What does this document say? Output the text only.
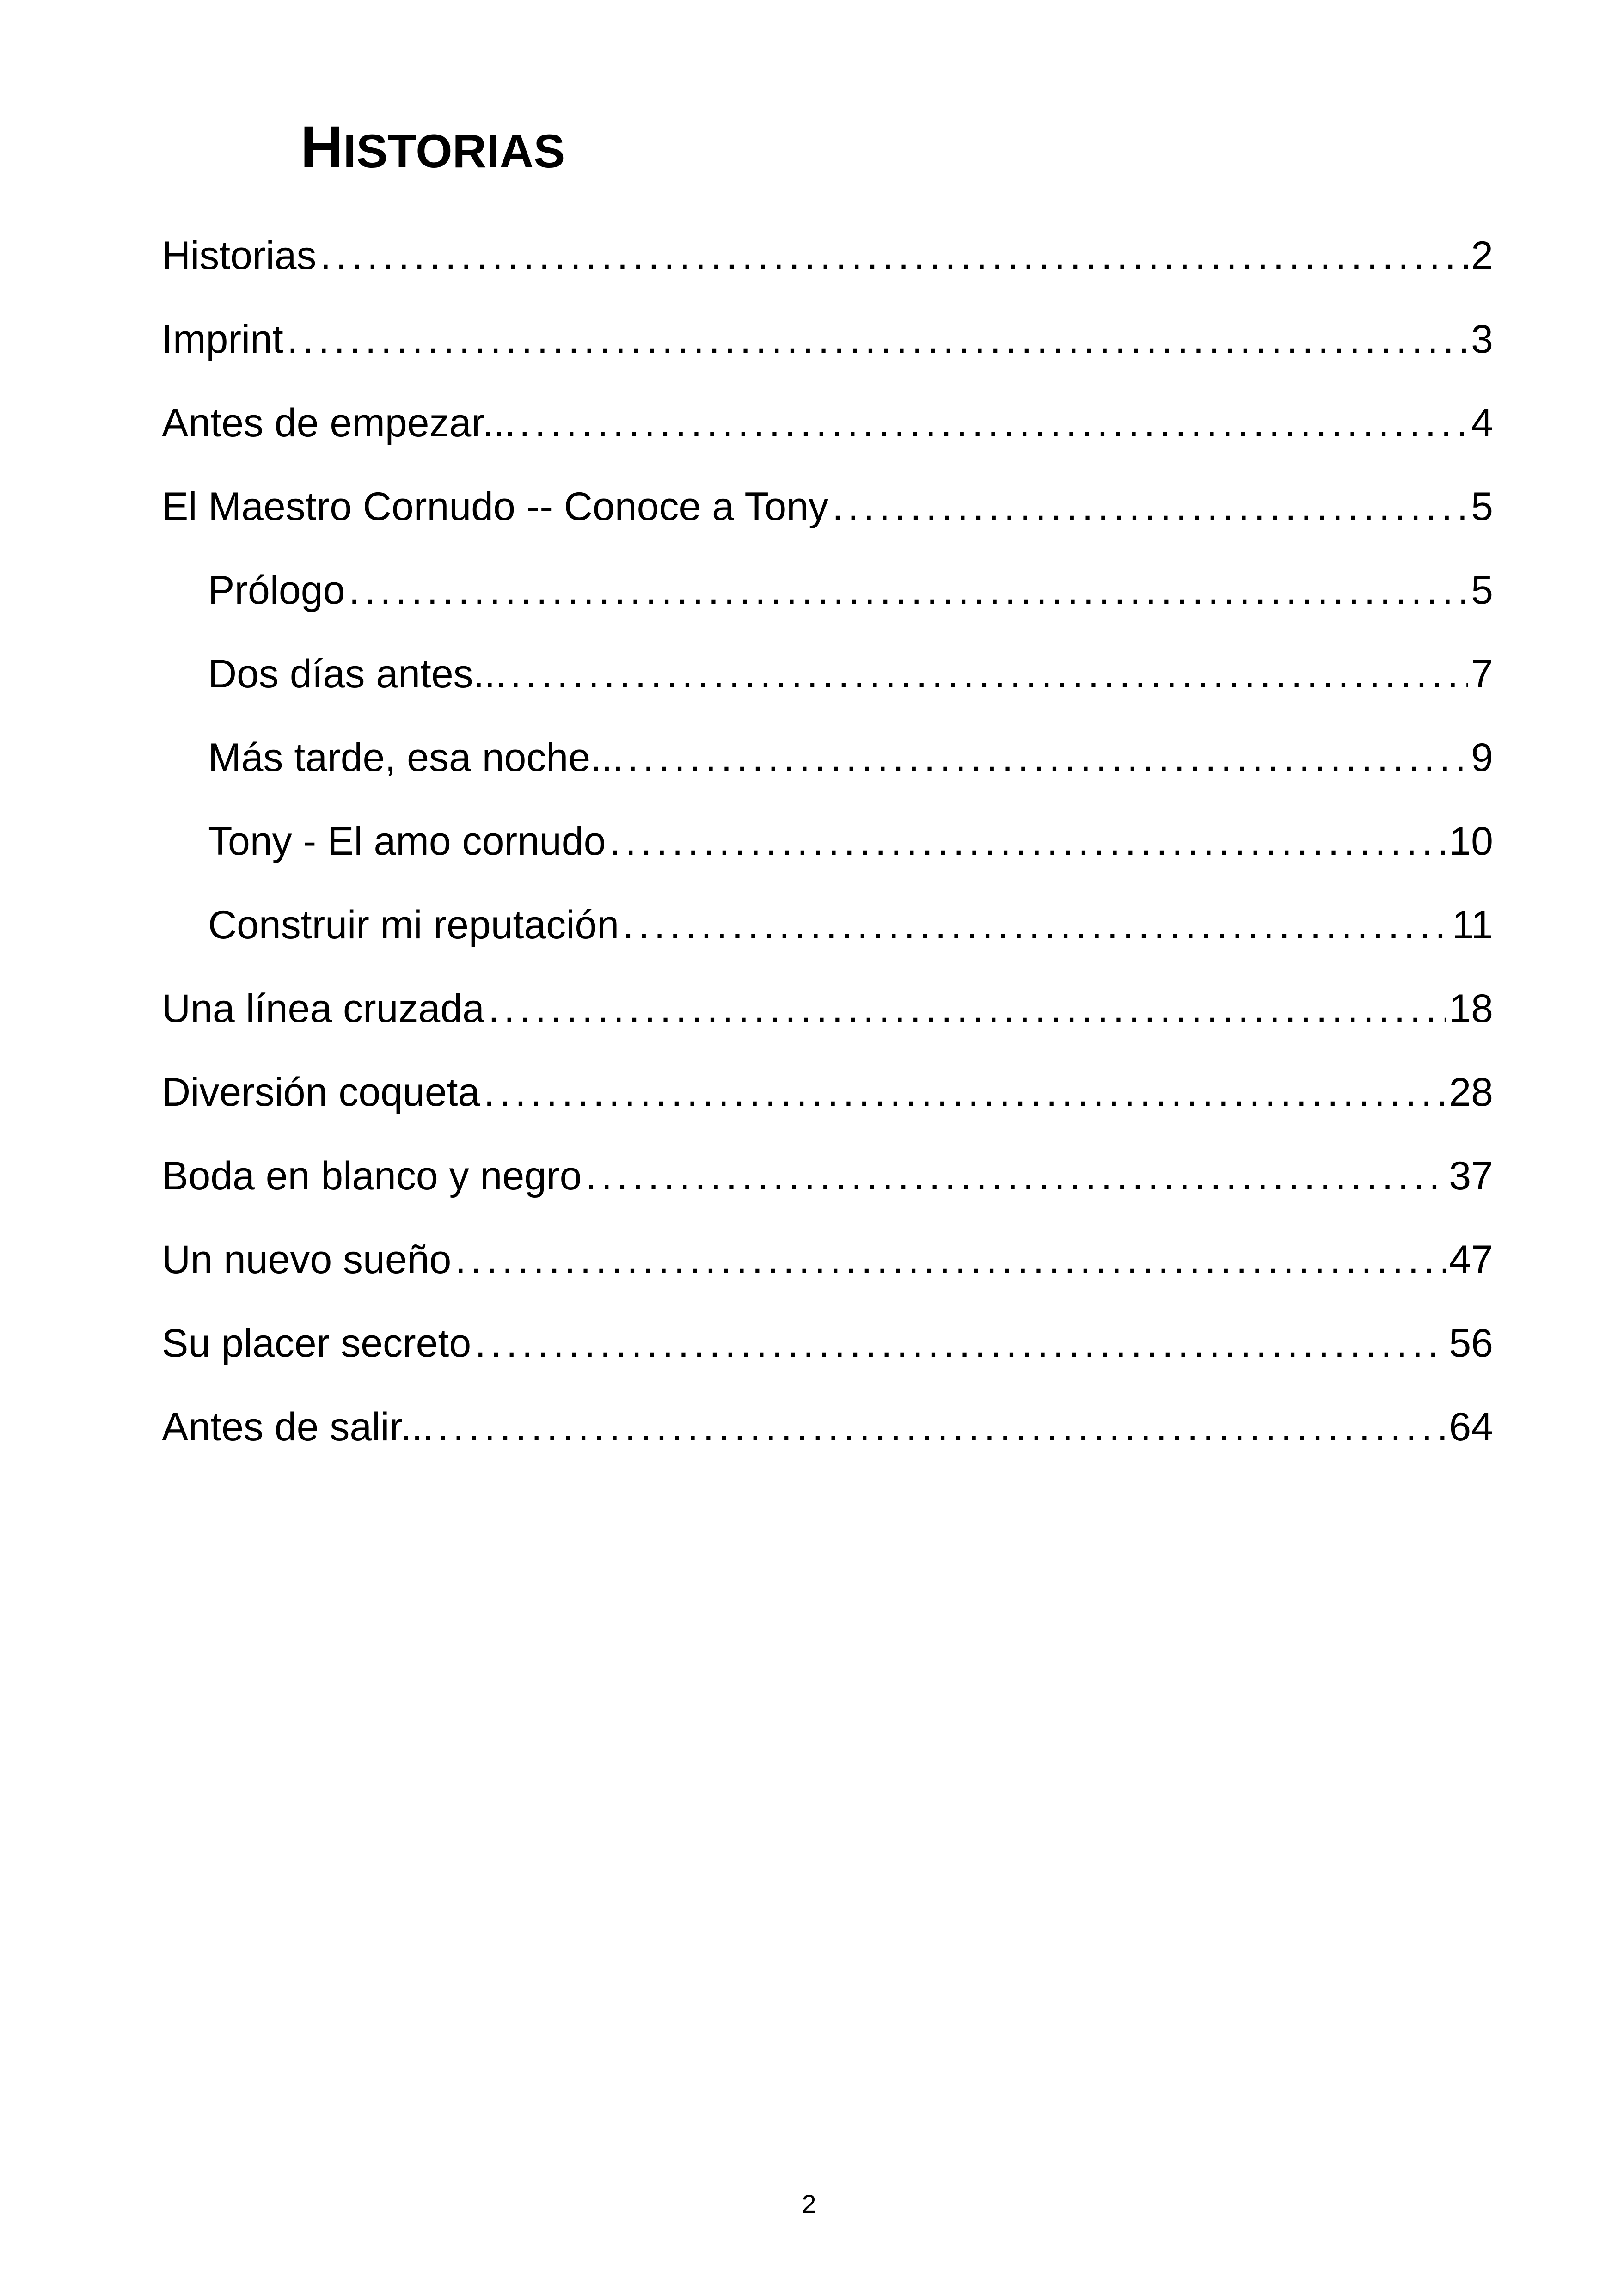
HISTORIAS
Historias . . .	2
Imprint . . .	3
Antes de empezar... . . .	4
El Maestro Cornudo -- Conoce a Tony . . .	5
Prólogo . . .	5
Dos días antes... . . .	7
Más tarde, esa noche... . . .	9
Tony - El amo cornudo . . .	10
Construir mi reputación . . .	11
Una línea cruzada . . .	18
Diversión coqueta . . .	28
Boda en blanco y negro . . .	37
Un nuevo sueño . . .	47
Su placer secreto . . .	56
Antes de salir... . . .	64
2
